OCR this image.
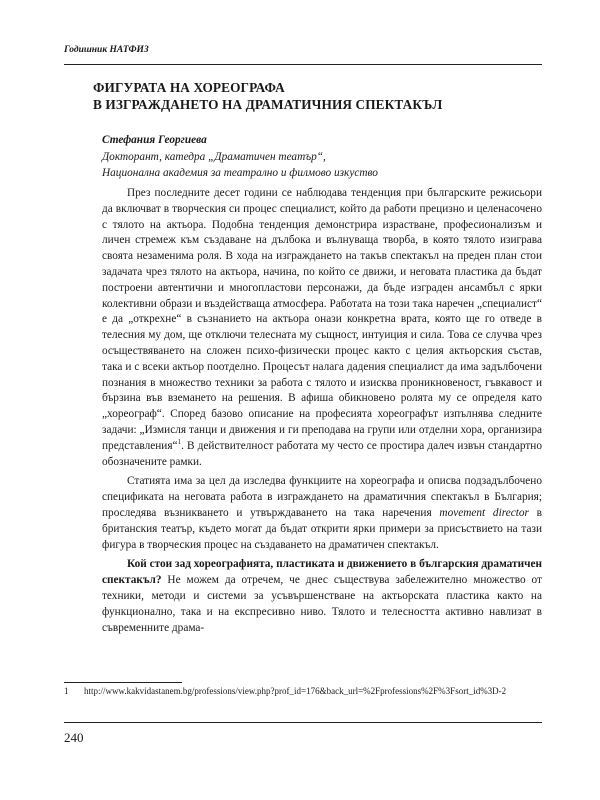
Годишник НАТФИЗ
ФИГУРАТА НА ХОРЕОГРАФА
В ИЗГРАЖДАНЕТО НА ДРАМАТИЧНИЯ СПЕКТАКЪЛ
Стефания Георгиева
Докторант, катедра „Драматичен театър“,
Национална академия за театрално и филмово изкуство

През последните десет години се наблюдава тенденция при българските режисьори да включват в творческия си процес специалист, който да работи прецизно и целенасочено с тялото на актьора. Подобна тенденция демонстрира израстване, професионализъм и личен стремеж към създаване на дълбока и вълнуваща творба, в която тялото изиграва своята незаменима роля. В хода на изграждането на такъв спектакъл на преден план стои задачата чрез тялото на актьора, начина, по който се движи, и неговата пластика да бъдат построени автентични и многопластови персонажи, да бъде изграден ансамбъл с ярки колективни образи и въздействаща атмосфера. Работата на този така наречен „специалист“ е да „открехне“ в съзнанието на актьора онази конкретна врата, която ще го отведе в телесния му дом, ще отключи телесната му същност, интуиция и сила. Това се случва чрез осъществяването на сложен психо-физически процес както с целия актьорския състав, така и с всеки актьор поотделно. Процесът налага дадения специалист да има задълбочени познания в множество техники за работа с тялото и изисква проникновеност, гъвкавост и бързина във вземането на решения. В афиша обикновено ролята му се определя като „хореограф“. Според базово описание на професията хореографът изпълнява следните задачи: „Измисля танци и движения и ги преподава на групи или отделни хора, организира представления“$^1$. В действителност работата му често се простира далеч извън стандартно обозначените рамки.

Статията има за цел да изследва функциите на хореографа и описва подзадълбочено спецификата на неговата работа в изграждането на драматичния спектакъл в България; проследява възникването и утвърждаването на така наречения movement director в британския театър, където могат да бъдат открити ярки примери за присъствието на тази фигура в творческия процес на създаването на драматичен спектакъл.

Кой стои зад хореографията, пластиката и движението в българския драматичен спектакъл? Не можем да отречем, че днес съществува забележително множество от техники, методи и системи за усъвършенстване на актьорската пластика както на функционално, така и на експресивно ниво. Тялото и телесността активно навлизат в съвременните драма-

1 http://www.kakvidastanem.bg/professions/view.php?prof_id=176&back_url=%2Fprofessions%2F%3Fsort_id%3D-2
240
